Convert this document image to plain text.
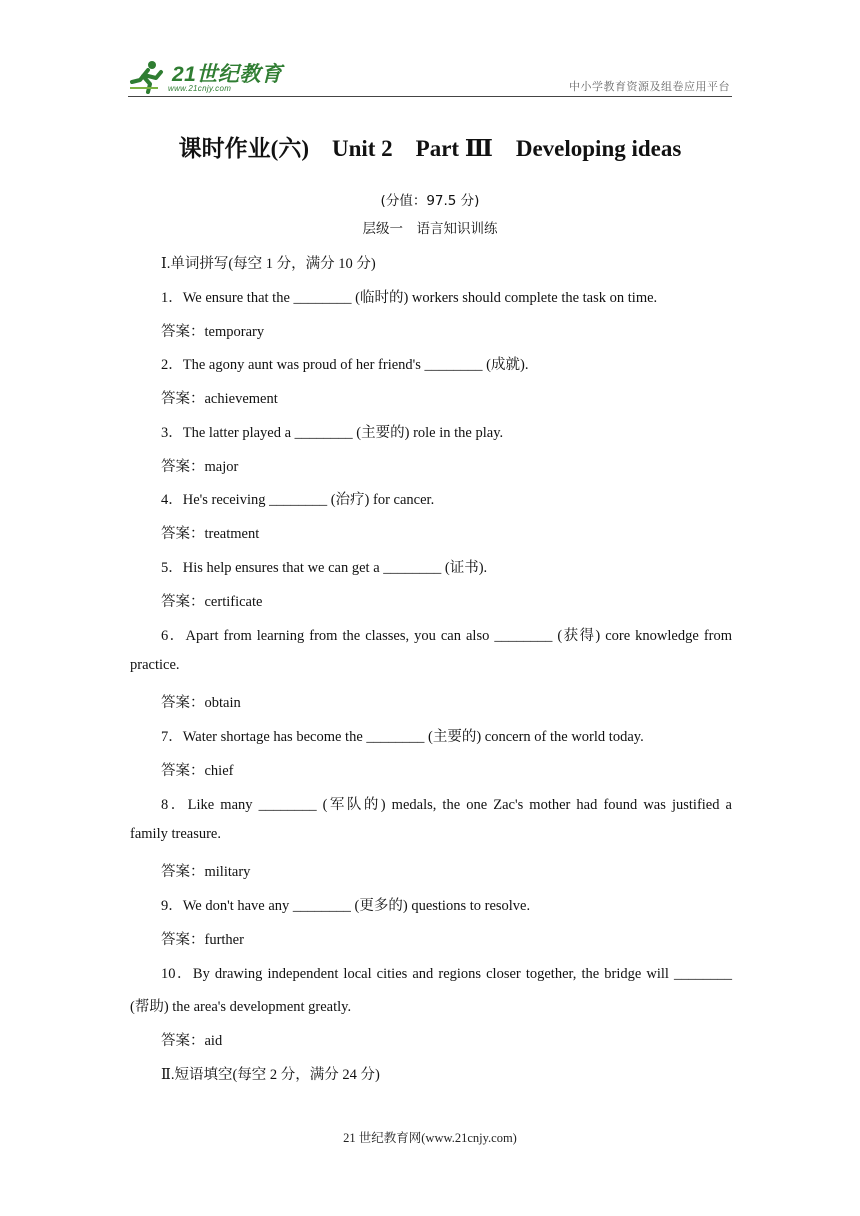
21世纪教育
www.21cnjy.com	中小学教育资源及组卷应用平台
课时作业(六)　Unit 2　Part Ⅲ　Developing ideas
(分值：97.5 分)
层级一　语言知识训练
Ⅰ.单词拼写(每空 1 分，满分 10 分)
1．We ensure that the ________ (临时的) workers should complete the task on time.
答案：temporary
2．The agony aunt was proud of her friend's ________ (成就).
答案：achievement
3．The latter played a ________ (主要的) role in the play.
答案：major
4．He's receiving ________ (治疗) for cancer.
答案：treatment
5．His help ensures that we can get a ________ (证书).
答案：certificate
6．Apart from learning from the classes, you can also ________ (获得) core knowledge from
practice.
答案：obtain
7．Water shortage has become the ________ (主要的) concern of the world today.
答案：chief
8．Like many ________ (军队的) medals, the one Zac's mother had found was justified a
family treasure.
答案：military
9．We don't have any ________ (更多的) questions to resolve.
答案：further
10．By drawing independent local cities and regions closer together, the bridge will ________
(帮助) the area's development greatly.
答案：aid
Ⅱ.短语填空(每空 2 分，满分 24 分)
21 世纪教育网(www.21cnjy.com)
